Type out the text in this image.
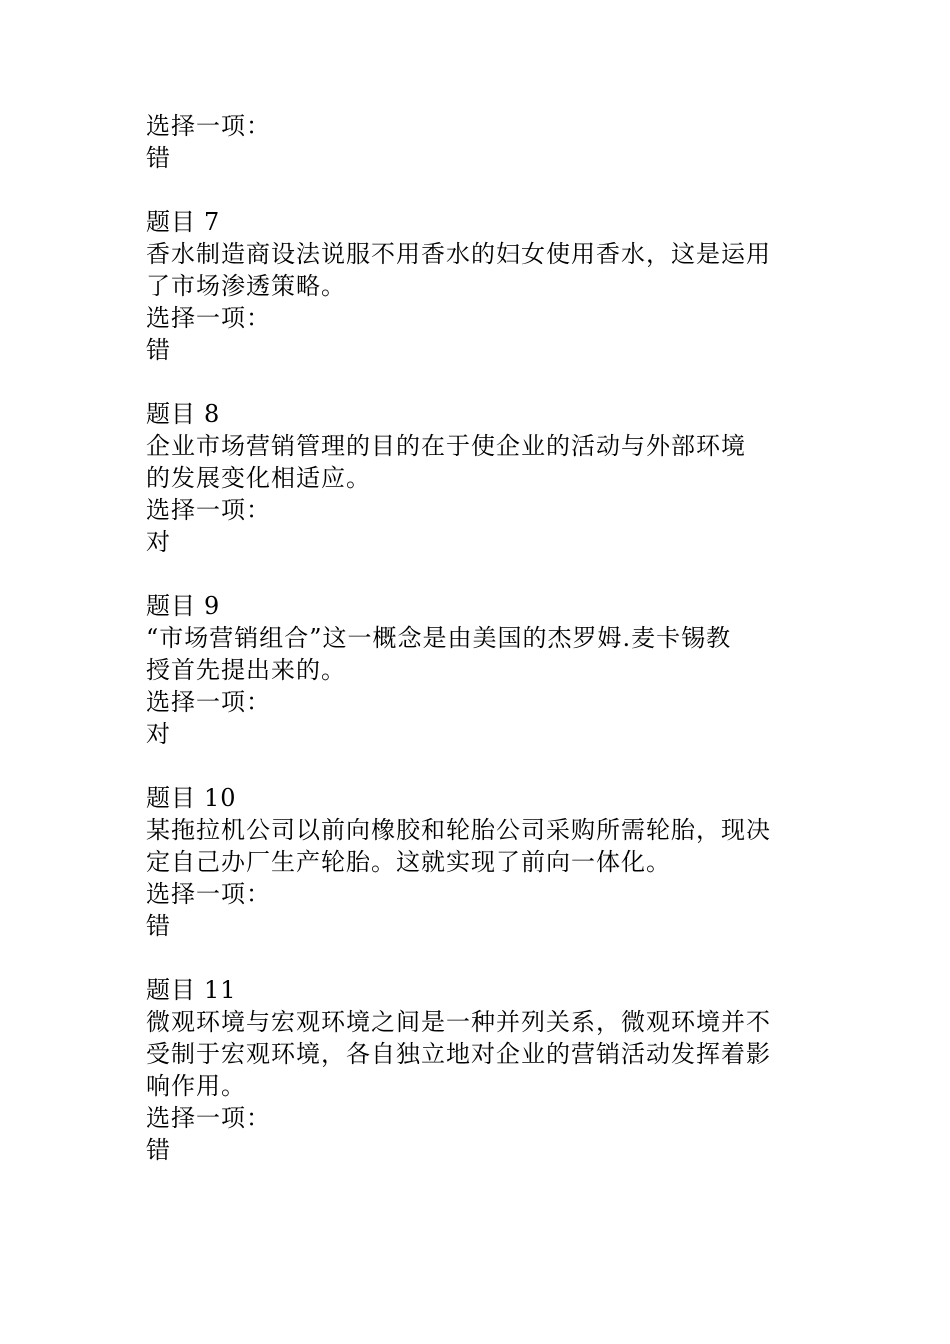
选择一项：
错
题目 7
香水制造商设法说服不用香水的妇女使用香水，这是运用
了市场渗透策略。
选择一项：
错
题目 8
企业市场营销管理的目的在于使企业的活动与外部环境
的发展变化相适应。
选择一项：
对
题目 9
“市场营销组合”这一概念是由美国的杰罗姆.麦卡锡教
授首先提出来的。
选择一项：
对
题目 10
某拖拉机公司以前向橡胶和轮胎公司采购所需轮胎，现决
定自己办厂生产轮胎。这就实现了前向一体化。
选择一项：
错
题目 11
微观环境与宏观环境之间是一种并列关系，微观环境并不
受制于宏观环境，各自独立地对企业的营销活动发挥着影
响作用。
选择一项：
错
